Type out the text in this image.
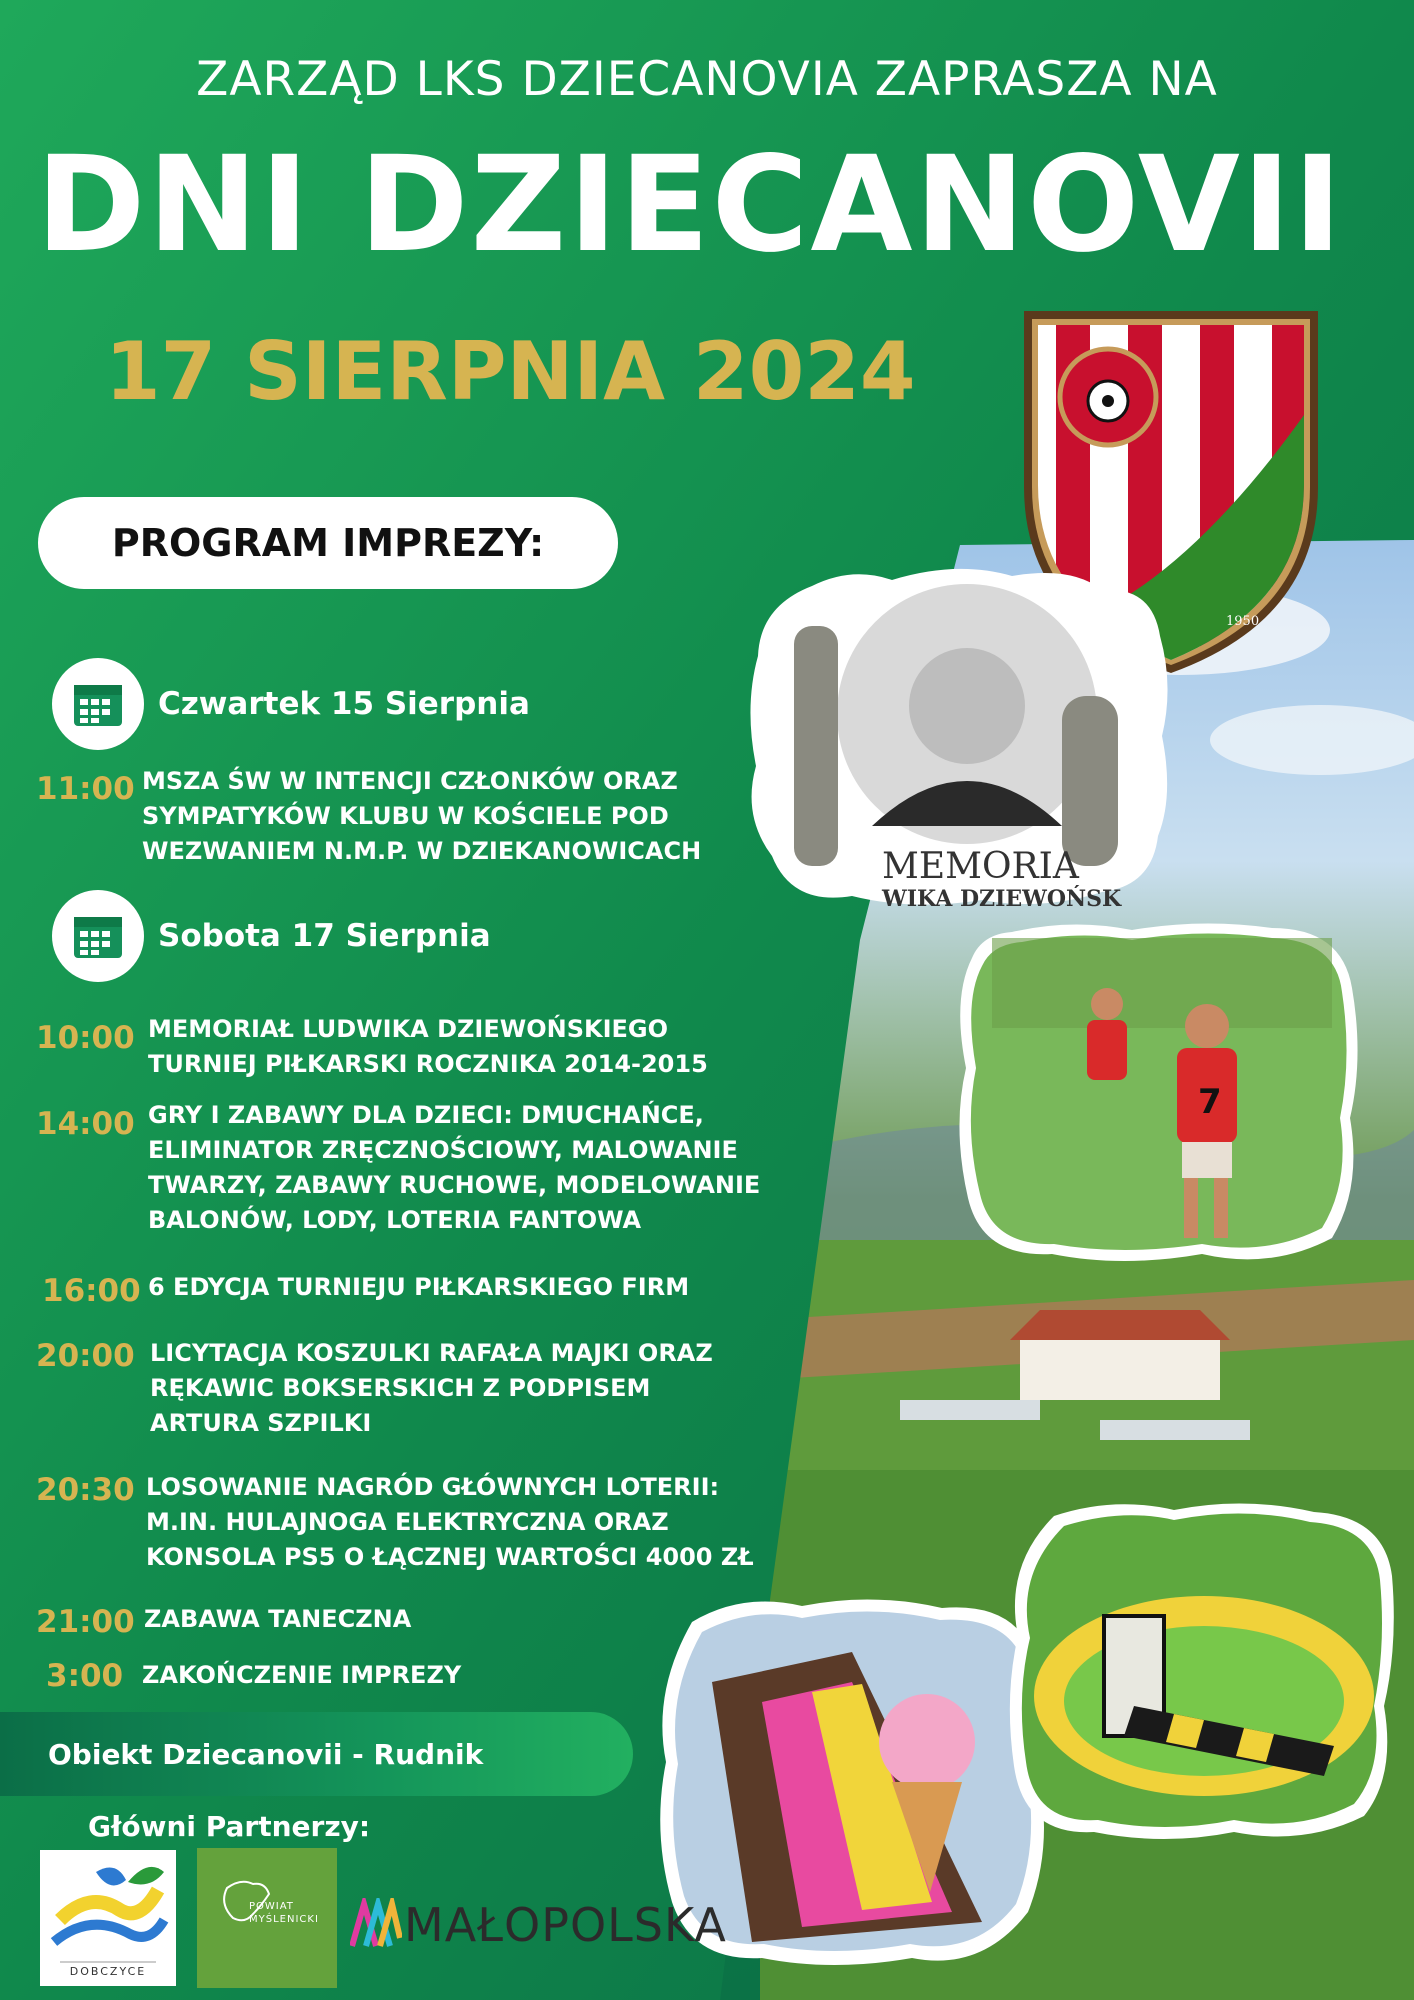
ZARZĄD LKS DZIECANOVIA ZAPRASZA NA
DNI DZIECANOVII
17 SIERPNIA 2024
1950
PROGRAM IMPREZY:
Czwartek 15 Sierpnia
11:00 MSZA ŚW W INTENCJI CZŁONKÓW ORAZ
SYMPATYKÓW KLUBU W KOŚCIELE POD
WEZWANIEM N.M.P. W DZIEKANOWICACH
Sobota 17 Sierpnia
10:00 MEMORIAŁ LUDWIKA DZIEWOŃSKIEGO
TURNIEJ PIŁKARSKI ROCZNIKA 2014-2015
14:00 GRY I ZABAWY DLA DZIECI: DMUCHAŃCE,
ELIMINATOR ZRĘCZNOŚCIOWY, MALOWANIE
TWARZY, ZABAWY RUCHOWE, MODELOWANIE
BALONÓW, LODY, LOTERIA FANTOWA
16:00 6 EDYCJA TURNIEJU PIŁKARSKIEGO FIRM
20:00 LICYTACJA KOSZULKI RAFAŁA MAJKI ORAZ
RĘKAWIC BOKSERSKICH Z PODPISEM
ARTURA SZPILKI
20:30 LOSOWANIE NAGRÓD GŁÓWNYCH LOTERII:
M.IN. HULAJNOGA ELEKTRYCZNA ORAZ
KONSOLA PS5 O ŁĄCZNEJ WARTOŚCI 4000 ZŁ
21:00 ZABAWA TANECZNA
3:00 ZAKOŃCZENIE IMPREZY
MEMORIA
WIKA DZIEWOŃSK
7
Obiekt Dziecanovii - Rudnik
Główni Partnerzy:
DOBCZYCE
POWIAT MYŚLENICKI MAŁOPOLSKA
